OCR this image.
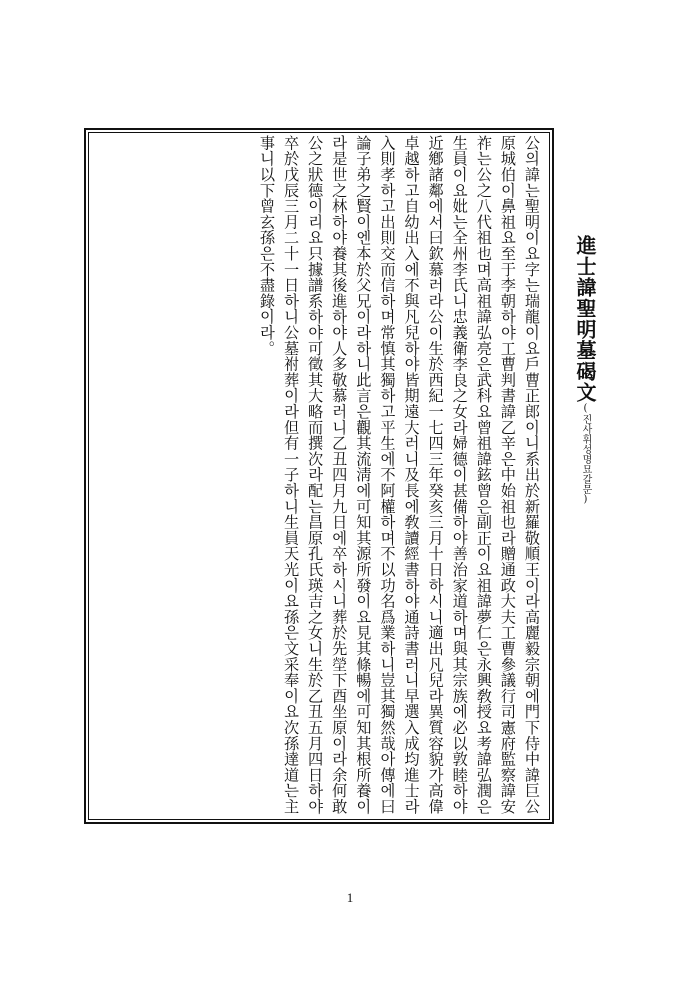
進士諱聖明墓碣文(진사휘성명묘갈문)
公의諱는聖明이요字는瑞龍이요戶曹正郎이니系出於新羅敬順王이라高麗毅宗朝에門下侍中諱巨公原城伯이鼻祖요至于李朝하야工曹判書諱乙辛은中始祖也라贈通政大夫工曹參議行司憲府監察諱安祚는公之八代祖也며高祖諱弘亮은武科요曾祖諱鉉曾은副正이요祖諱夢仁은永興敎授요考諱弘潤은生員이요妣는全州李氏니忠義衛李良之女라婦德이甚備하야善治家道하며與其宗族에必以敦睦하야近鄕諸鄰에서曰欽慕러라公이生於西紀一七四三年癸亥三月十日하시니適出凡兒라異質容貌가高偉卓越하고自幼出入에不與凡兒하야皆期遠大러니及長에敎讀經書하야通詩書러니早選入成均進士라入則孝하고出則交而信하며常慎其獨하고平生에不阿權하며不以功名爲業하니豈其獨然哉아傳에曰論子弟之賢이엔本於父兄이라하니此言은觀其流淸에可知其源所發이요見其條暢에可知其根所養이라是世之林하야養其後進하야人多敬慕러니乙丑四月九日에卒하시니葬於先塋下酉坐原이라余何敢公之狀德이리요只據譜系하야可徵其大略而撰次라配는昌原孔氏瑛吉之女니生於乙丑五月四日하야卒於戊辰三月二十一日하니公墓祔葬이라但有一子하니生員天光이요孫은文采奉이요次孫達道는主事니以下曾玄孫은不盡錄이라。
1
